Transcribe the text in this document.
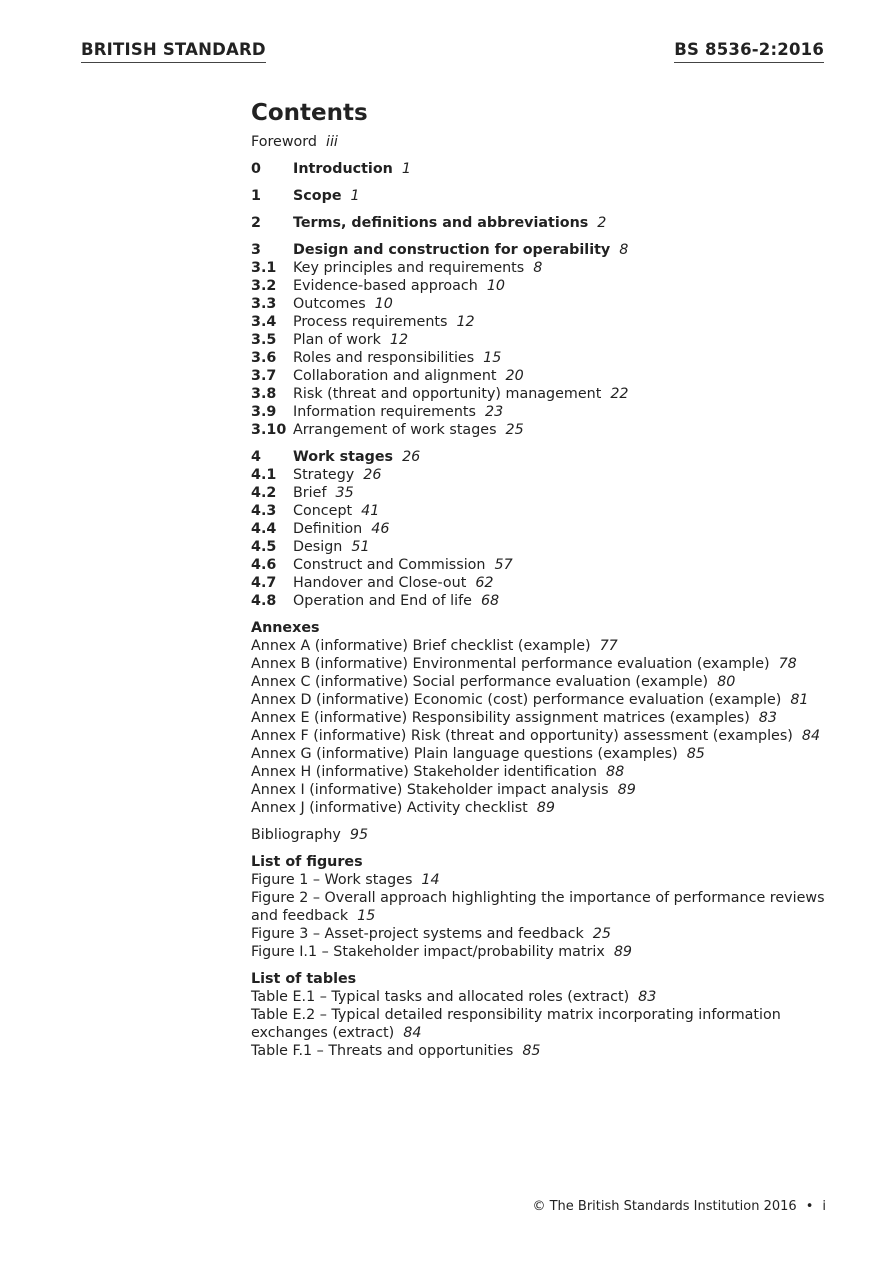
BRITISH STANDARD	BS 8536-2:2016
Contents
Foreword iii
0 Introduction 1
1 Scope 1
2 Terms, definitions and abbreviations 2
3 Design and construction for operability 8
3.1 Key principles and requirements 8
3.2 Evidence-based approach 10
3.3 Outcomes 10
3.4 Process requirements 12
3.5 Plan of work 12
3.6 Roles and responsibilities 15
3.7 Collaboration and alignment 20
3.8 Risk (threat and opportunity) management 22
3.9 Information requirements 23
3.10 Arrangement of work stages 25
4 Work stages 26
4.1 Strategy 26
4.2 Brief 35
4.3 Concept 41
4.4 Definition 46
4.5 Design 51
4.6 Construct and Commission 57
4.7 Handover and Close-out 62
4.8 Operation and End of life 68
Annexes
Annex A (informative) Brief checklist (example) 77
Annex B (informative) Environmental performance evaluation (example) 78
Annex C (informative) Social performance evaluation (example) 80
Annex D (informative) Economic (cost) performance evaluation (example) 81
Annex E (informative) Responsibility assignment matrices (examples) 83
Annex F (informative) Risk (threat and opportunity) assessment (examples) 84
Annex G (informative) Plain language questions (examples) 85
Annex H (informative) Stakeholder identification 88
Annex I (informative) Stakeholder impact analysis 89
Annex J (informative) Activity checklist 89
Bibliography 95
List of figures
Figure 1 – Work stages 14
Figure 2 – Overall approach highlighting the importance of performance reviews and feedback 15
Figure 3 – Asset-project systems and feedback 25
Figure I.1 – Stakeholder impact/probability matrix 89
List of tables
Table E.1 – Typical tasks and allocated roles (extract) 83
Table E.2 – Typical detailed responsibility matrix incorporating information exchanges (extract) 84
Table F.1 – Threats and opportunities 85
© The British Standards Institution 2016 • i
